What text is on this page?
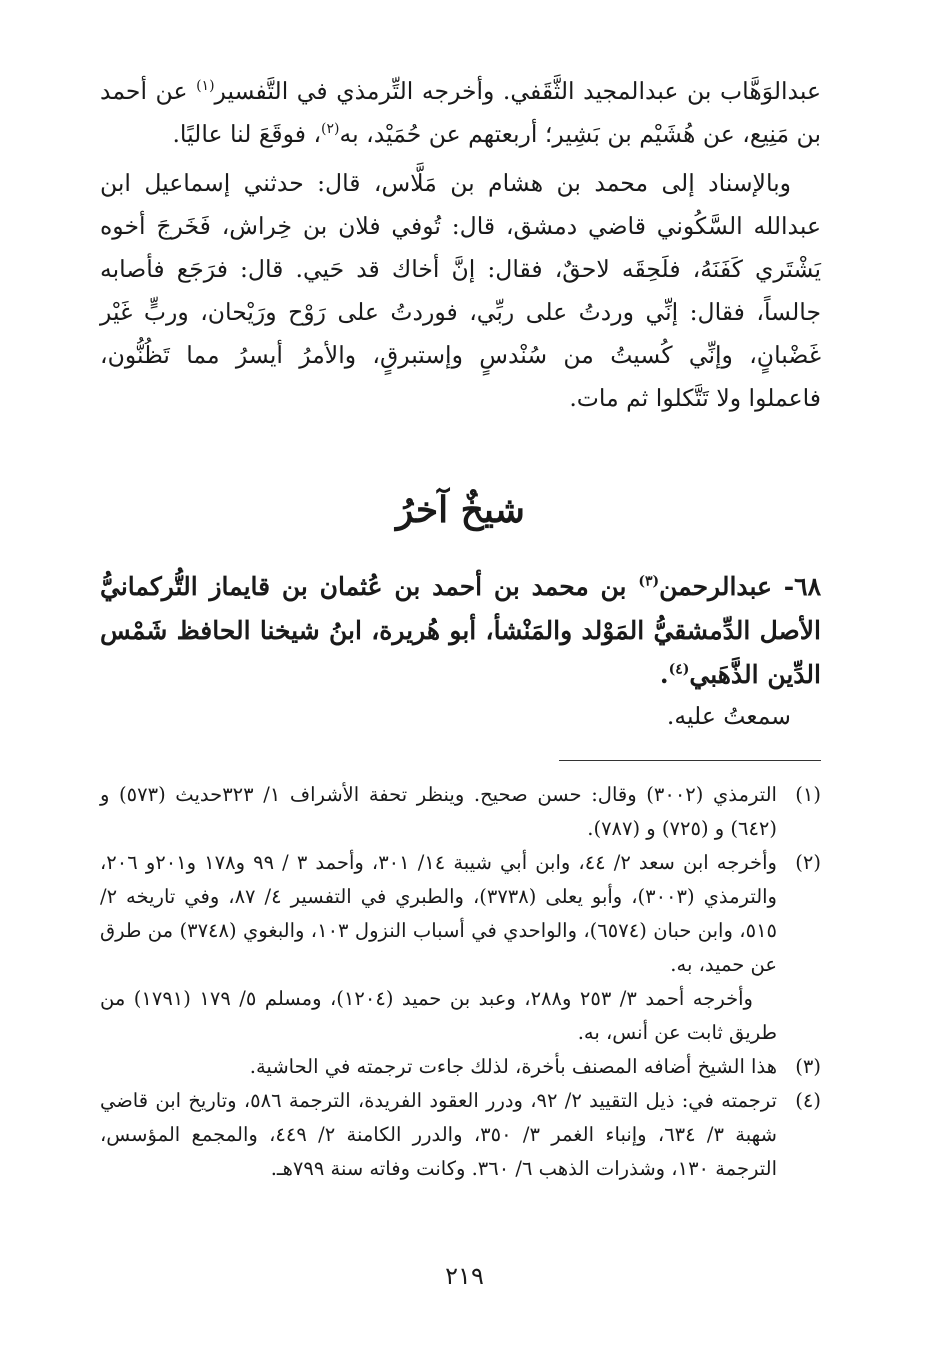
عبدالوَهَّاب بن عبدالمجيد الثَّقَفي. وأخرجه التِّرمذي في التَّفسير$^{(١)}$ عن أحمد بن مَنِيع، عن هُشَيْم بن بَشِير؛ أربعتهم عن حُمَيْد، به$^{(٢)}$، فوقَعَ لنا عاليًا.

وبالإسناد إلى محمد بن هشام بن مَلَّاس، قال: حدثني إسماعيل ابن عبدالله السَّكُوني قاضي دمشق، قال: تُوفي فلان بن خِراش، فَخَرجَ أخوه يَشْتَري كَفَنَهُ، فلَحِقَه لاحقٌ، فقال: إنَّ أخاك قد حَيي. قال: فرَجَع فأصابه جالساً، فقال: إنِّي وردتُ على ربِّي، فوردتُ على رَوْح ورَيْحان، وربٍّ غَيْر غَضْبانٍ، وإنِّي كُسيتُ من سُنْدسٍ وإستبرقٍ، والأمرُ أيسرُ مما تَظُنُّون، فاعملوا ولا تَتَّكلوا ثم مات.

شيخٌ آخرُ
٦٨- عبدالرحمن$^{(٣)}$ بن محمد بن أحمد بن عُثمان بن قايماز التُّركمانيُّ الأصل الدِّمشقيُّ المَوْلد والمَنْشأ، أبو هُريرة، ابنُ شيخنا الحافظ شَمْس الدِّين الذَّهَبي$^{(٤)}$.
سمعتُ عليه.
(١)
الترمذي (٣٠٠٢) وقال: حسن صحيح. وينظر تحفة الأشراف ١/ ٣٢٣حديث (٥٧٣) و (٦٤٢) و (٧٢٥) و (٧٨٧).
(٢)
وأخرجه ابن سعد ٢/ ٤٤، وابن أبي شيبة ١٤/ ٣٠١، وأحمد ٣ / ٩٩ و١٧٨ و٢٠١و ٢٠٦، والترمذي (٣٠٠٣)، وأبو يعلى (٣٧٣٨)، والطبري في التفسير ٤/ ٨٧، وفي تاريخه ٢/ ٥١٥، وابن حبان (٦٥٧٤)، والواحدي في أسباب النزول ١٠٣، والبغوي (٣٧٤٨) من طرق عن حميد، به.
وأخرجه أحمد ٣/ ٢٥٣ و٢٨٨، وعبد بن حميد (١٢٠٤)، ومسلم ٥/ ١٧٩ (١٧٩١) من طريق ثابت عن أنس، به.
(٣)
هذا الشيخ أضافه المصنف بأخرة، لذلك جاءت ترجمته في الحاشية.
(٤)
ترجمته في: ذيل التقييد ٢/ ٩٢، ودرر العقود الفريدة، الترجمة ٥٨٦، وتاريخ ابن قاضي شهبة ٣/ ٦٣٤، وإنباء الغمر ٣/ ٣٥٠، والدرر الكامنة ٢/ ٤٤٩، والمجمع المؤسس، الترجمة ١٣٠، وشذرات الذهب ٦/ ٣٦٠. وكانت وفاته سنة ٧٩٩هـ.
٢١٩
